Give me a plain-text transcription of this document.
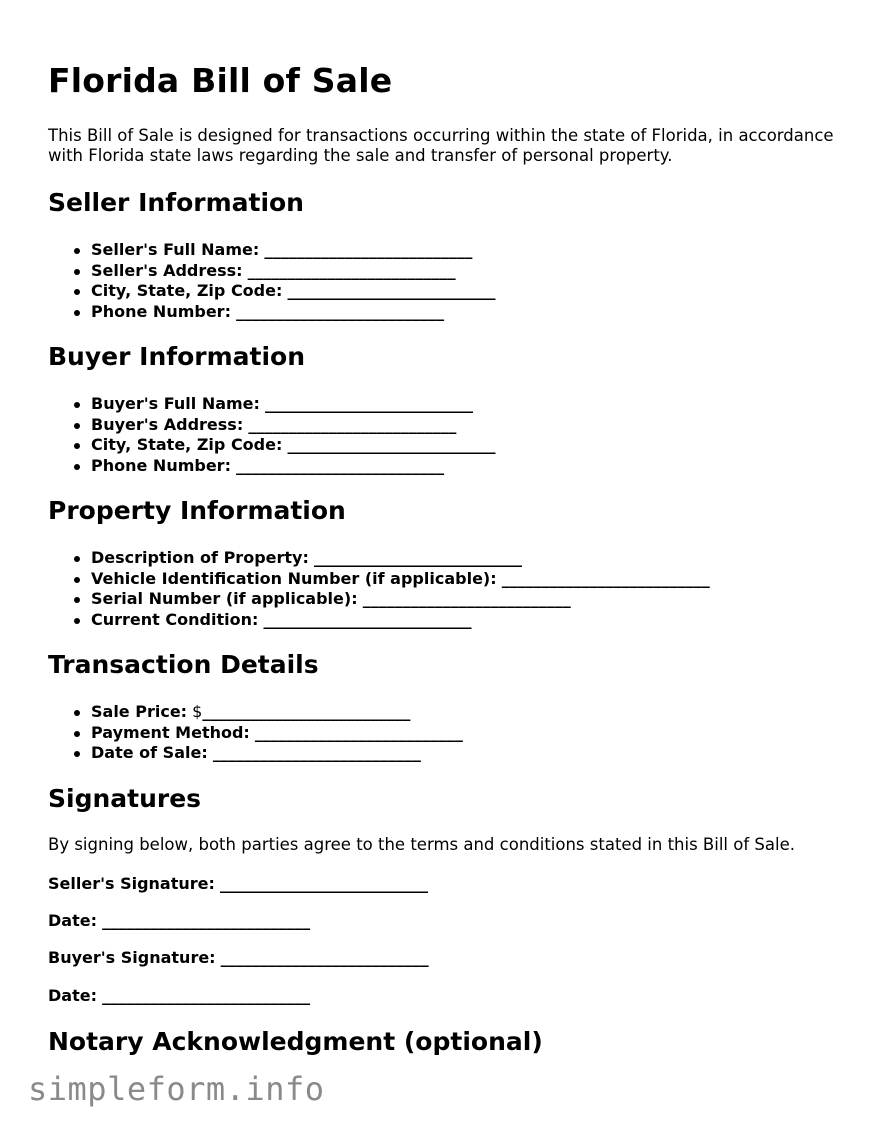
Florida Bill of Sale

This Bill of Sale is designed for transactions occurring within the state of Florida, in accordance with Florida state laws regarding the sale and transfer of personal property.

Seller Information
Seller's Full Name: __________________________
Seller's Address: __________________________
City, State, Zip Code: __________________________
Phone Number: __________________________
Buyer Information
Buyer's Full Name: __________________________
Buyer's Address: __________________________
City, State, Zip Code: __________________________
Phone Number: __________________________
Property Information
Description of Property: __________________________
Vehicle Identification Number (if applicable): __________________________
Serial Number (if applicable): __________________________
Current Condition: __________________________
Transaction Details
Sale Price: $__________________________
Payment Method: __________________________
Date of Sale: __________________________
Signatures

By signing below, both parties agree to the terms and conditions stated in this Bill of Sale.

Seller's Signature: __________________________
Date: __________________________
Buyer's Signature: __________________________
Date: __________________________
Notary Acknowledgment (optional)
simpleform.info
